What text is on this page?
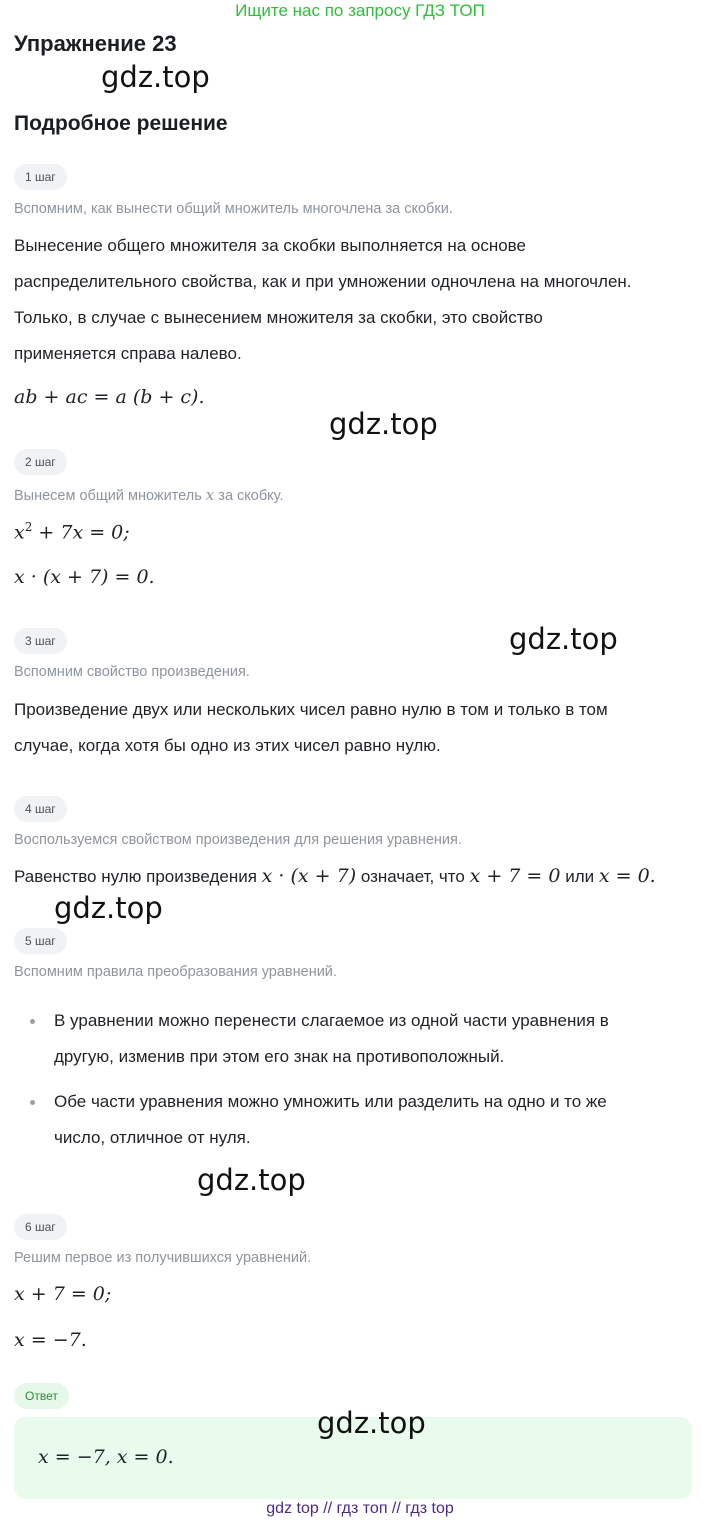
Ищите нас по запросу ГДЗ ТОП
Упражнение 23
gdz.top
Подробное решение
1 шаг
Вспомним, как вынести общий множитель многочлена за скобки.
Вынесение общего множителя за скобки выполняется на основе
распределительного свойства, как и при умножении одночлена на многочлен.
Только, в случае с вынесением множителя за скобки, это свойство
применяется справа налево.
ab + ac = a (b + c).
gdz.top
2 шаг
Вынесем общий множитель x за скобку.
$x^2 + 7x = 0$;
x · (x + 7) = 0.
3 шаг	gdz.top
Вспомним свойство произведения.
Произведение двух или нескольких чисел равно нулю в том и только в том
случае, когда хотя бы одно из этих чисел равно нулю.
4 шаг
Воспользуемся свойством произведения для решения уравнения.
Равенство нулю произведения x · (x + 7) означает, что x + 7 = 0 или x = 0.
gdz.top
5 шаг
Вспомним правила преобразования уравнений.
В уравнении можно перенести слагаемое из одной части уравнения в
другую, изменив при этом его знак на противоположный.
Обе части уравнения можно умножить или разделить на одно и то же
число, отличное от нуля.
gdz.top
6 шаг
Решим первое из получившихся уравнений.
x + 7 = 0;
x = −7.
Ответ
x = −7, x = 0.
gdz.top
gdz top // гдз топ // гдз top
